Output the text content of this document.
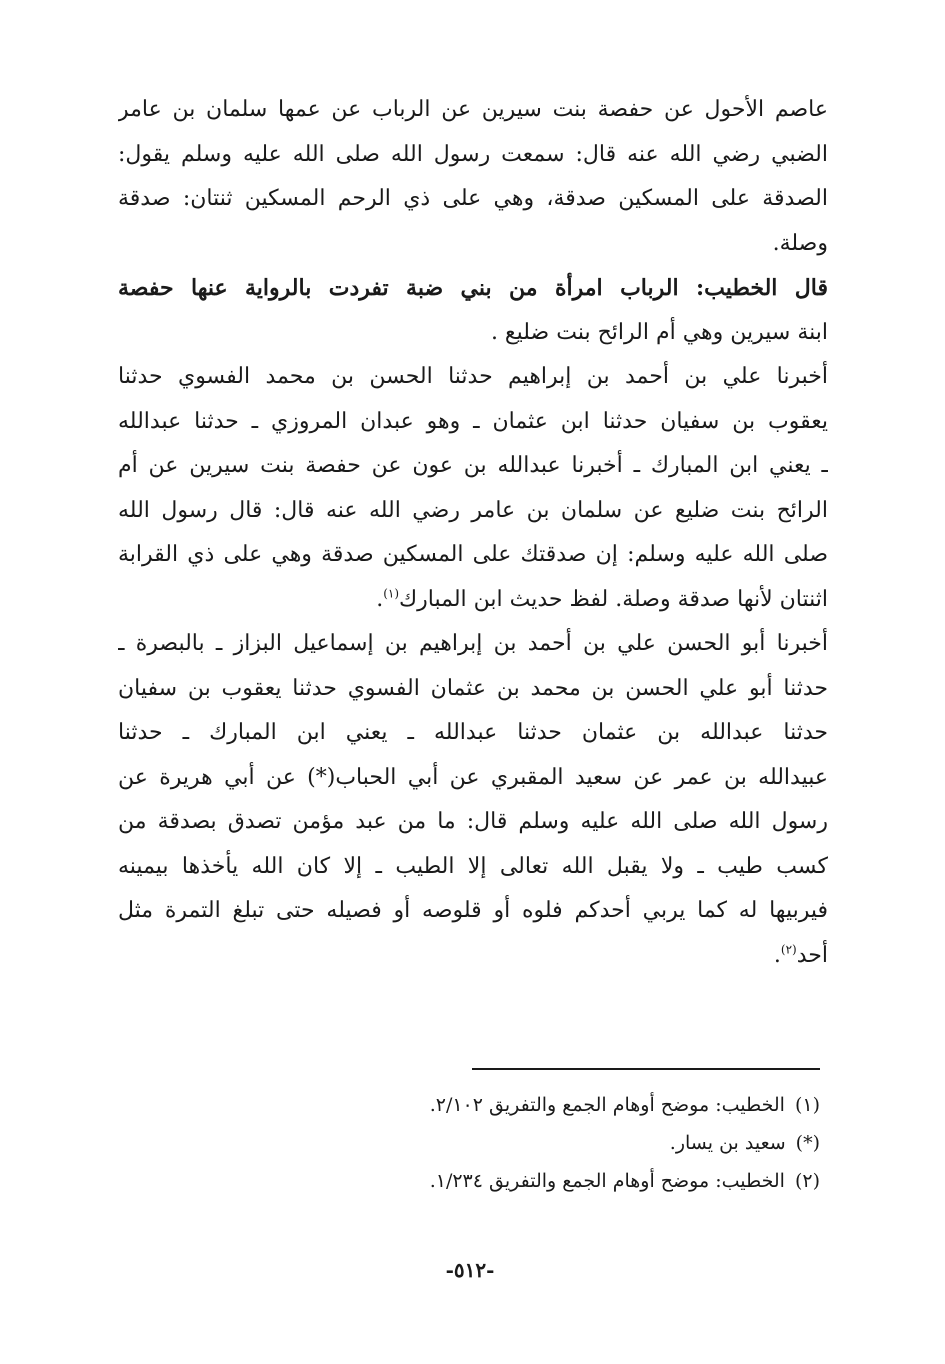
عاصم الأحول عن حفصة بنت سيرين عن الرباب عن عمها سلمان بن عامر
الضبي رضي الله عنه قال: سمعت رسول الله صلى الله عليه وسلم يقول:
الصدقة على المسكين صدقة، وهي على ذي الرحم المسكين ثنتان: صدقة
وصلة.
قال الخطيب: الرباب امرأة من بني ضبة تفردت بالرواية عنها حفصة
ابنة سيرين وهي أم الرائح بنت ضليع .
أخبرنا علي بن أحمد بن إبراهيم حدثنا الحسن بن محمد الفسوي حدثنا
يعقوب بن سفيان حدثنا ابن عثمان ـ وهو عبدان المروزي ـ حدثنا عبدالله
ـ يعني ابن المبارك ـ أخبرنا عبدالله بن عون عن حفصة بنت سيرين عن أم
الرائح بنت ضليع عن سلمان بن عامر رضي الله عنه قال: قال رسول الله
صلى الله عليه وسلم: إن صدقتك على المسكين صدقة وهي على ذي القرابة
اثنتان لأنها صدقة وصلة. لفظ حديث ابن المبارك$^{(١)}$.
أخبرنا أبو الحسن علي بن أحمد بن إبراهيم بن إسماعيل البزاز ـ بالبصرة ـ
حدثنا أبو علي الحسن بن محمد بن عثمان الفسوي حدثنا يعقوب بن سفيان
حدثنا عبدالله بن عثمان حدثنا عبدالله ـ يعني ابن المبارك ـ حدثنا
عبيدالله بن عمر عن سعيد المقبري عن أبي الحباب(*) عن أبي هريرة عن
رسول الله صلى الله عليه وسلم قال: ما من عبد مؤمن تصدق بصدقة من
كسب طيب ـ ولا يقبل الله تعالى إلا الطيب ـ إلا كان الله يأخذها بيمينه
فيربيها له كما يربي أحدكم فلوه أو قلوصه أو فصيله حتى تبلغ التمرة مثل
أحد$^{(٢)}$.
(١)الخطيب: موضح أوهام الجمع والتفريق ٢/١٠٢.
(*)سعيد بن يسار.
(٢)الخطيب: موضح أوهام الجمع والتفريق ١/٢٣٤.
-٥١٢-
